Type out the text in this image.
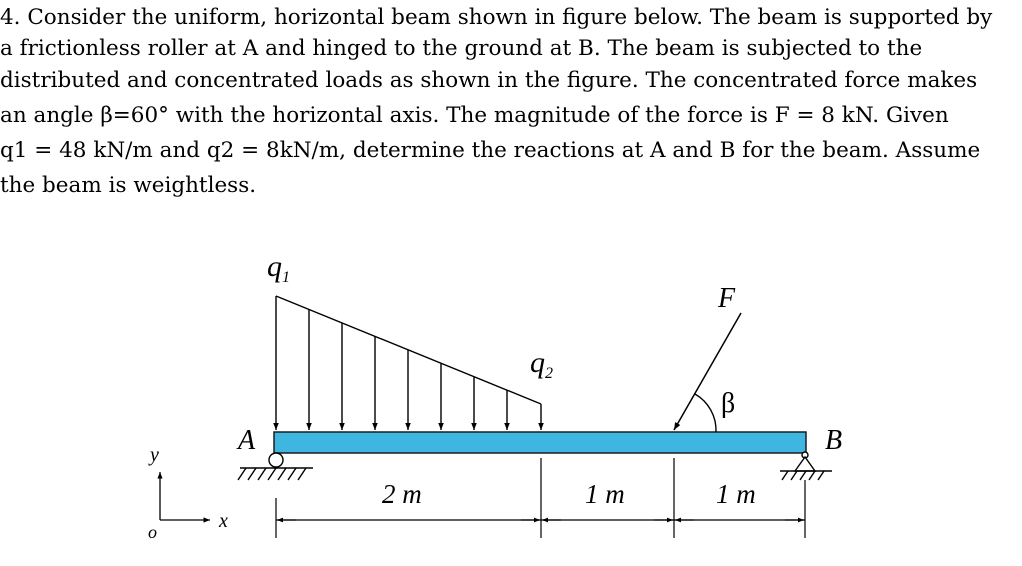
4. Consider the uniform, horizontal beam shown in figure below. The beam is supported by
a frictionless roller at A and hinged to the ground at B. The beam is subjected to the
distributed and concentrated loads as shown in the figure. The concentrated force makes
an angle β=60° with the horizontal axis. The magnitude of the force is F = 8 kN. Given
q1 = 48 kN/m and q2 = 8kN/m, determine the reactions at A and B for the beam. Assume
the beam is weightless.
$q_1$
$q_2$
F
β
A	B
2 m	1 m	1 m
y
x
o
